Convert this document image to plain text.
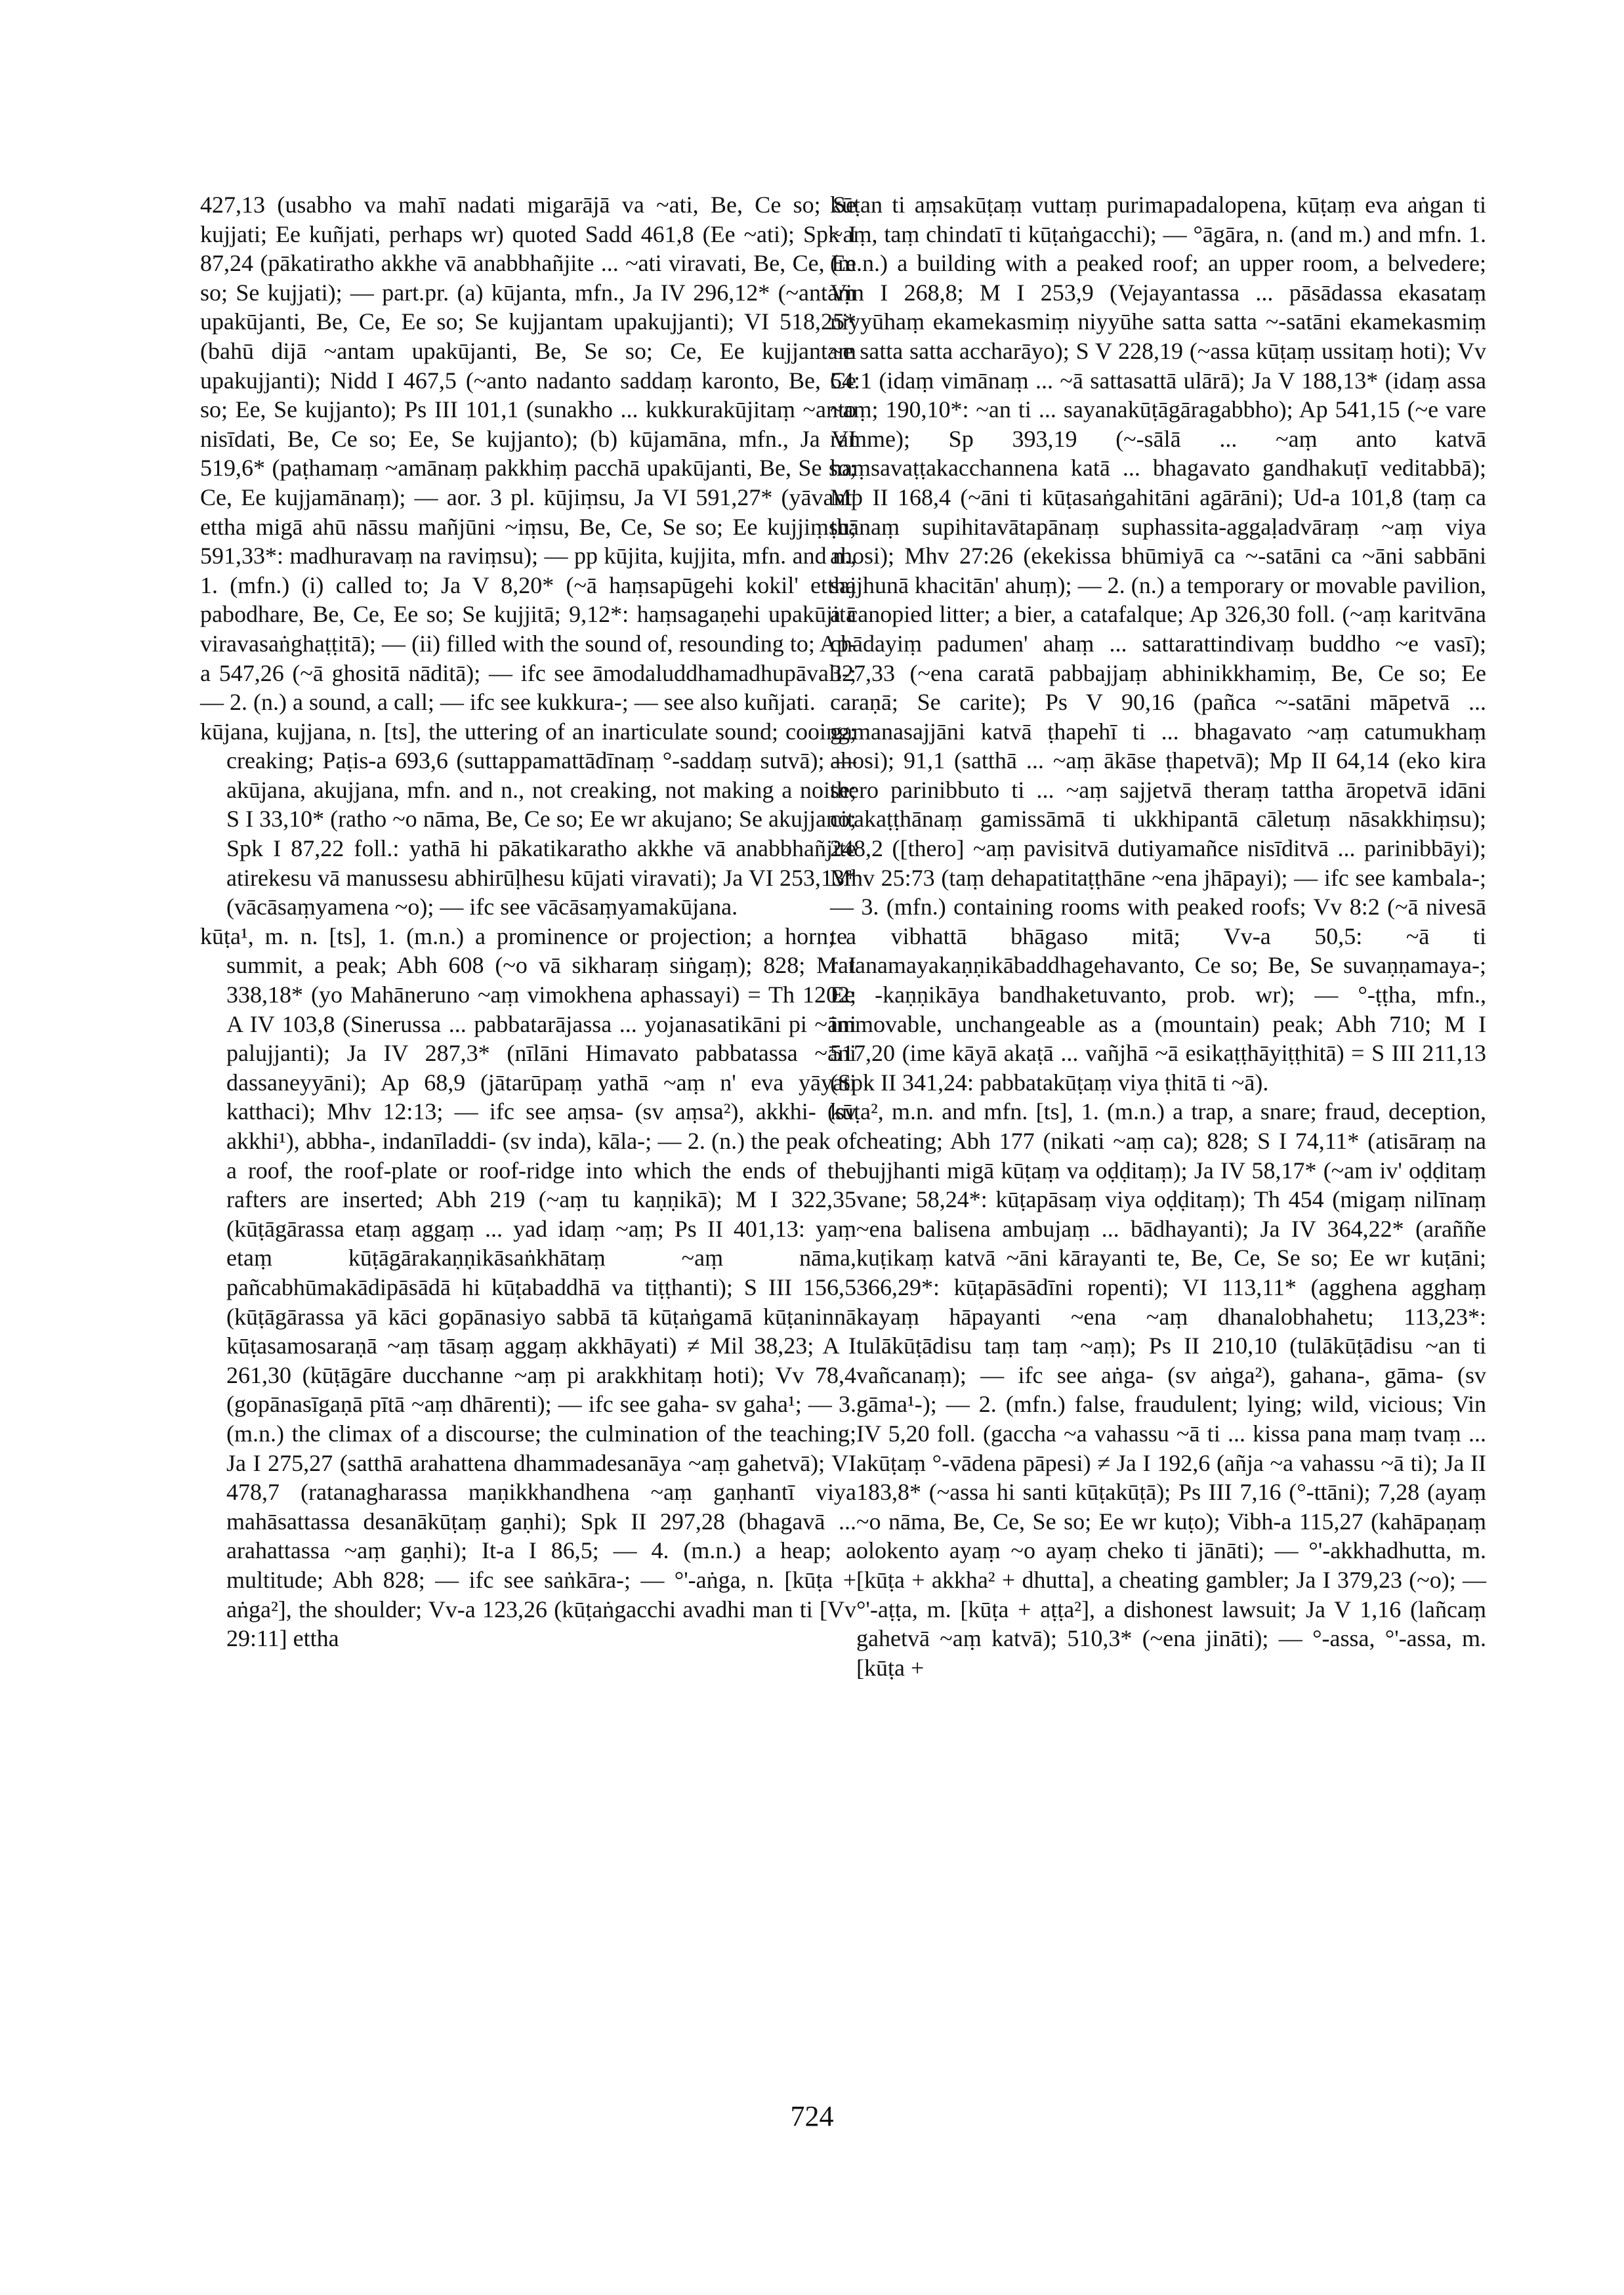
427,13 (usabho va mahī nadati migarājā va ~ati, Be, Ce so; Se kujjati; Ee kuñjati, perhaps wr) quoted Sadd 461,8 (Ee ~ati); Spk I 87,24 (pākatiratho akkhe vā anabbhañjite ... ~ati viravati, Be, Ce, Ee so; Se kujjati); — part.pr. (a) kūjanta, mfn., Ja IV 296,12* (~antaṃ upakūjanti, Be, Ce, Ee so; Se kujjantam upakujjanti); VI 518,25* (bahū dijā ~antam upakūjanti, Be, Se so; Ce, Ee kujjantam upakujjanti); Nidd I 467,5 (~anto nadanto saddaṃ karonto, Be, Ce so; Ee, Se kujjanto); Ps III 101,1 (sunakho ... kukkurakūjitaṃ ~anto nisīdati, Be, Ce so; Ee, Se kujjanto); (b) kūjamāna, mfn., Ja VI 519,6* (paṭhamaṃ ~amānaṃ pakkhiṃ pacchā upakūjanti, Be, Se so; Ce, Ee kujjamānaṃ); — aor. 3 pl. kūjiṃsu, Ja VI 591,27* (yāvant' ettha migā ahū nāssu mañjūni ~iṃsu, Be, Ce, Se so; Ee kujjiṃsu; 591,33*: madhuravaṃ na raviṃsu); — pp kūjita, kujjita, mfn. and n., 1. (mfn.) (i) called to; Ja V 8,20* (~ā haṃsapūgehi kokil' ettha pabodhare, Be, Ce, Ee so; Se kujjitā; 9,12*: haṃsagaṇehi upakūjitā viravasaṅghaṭṭitā); — (ii) filled with the sound of, resounding to; Ap-a 547,26 (~ā ghositā nāditā); — ifc see āmodaluddhamadhupāvali-; — 2. (n.) a sound, a call; — ifc see kukkura-; — see also kuñjati.

kūjana, kujjana, n. [ts], the uttering of an inarticulate sound; cooing; creaking; Paṭis-a 693,6 (suttappamattādīnaṃ °-saddaṃ sutvā); — akūjana, akujjana, mfn. and n., not creaking, not making a noise; S I 33,10* (ratho ~o nāma, Be, Ce so; Ee wr akujano; Se akujjano; Spk I 87,22 foll.: yathā hi pākatikaratho akkhe vā anabbhañjite atirekesu vā manussesu abhirūḷhesu kūjati viravati); Ja VI 253,13* (vācāsaṃyamena ~o); — ifc see vācāsaṃyamakūjana.

kūṭa¹, m. n. [ts], 1. (m.n.) a prominence or projection; a horn; a summit, a peak; Abh 608 (~o vā sikharaṃ siṅgaṃ); 828; M I 338,18* (yo Mahāneruno ~aṃ vimokhena aphassayi) = Th 1202; A IV 103,8 (Sinerussa ... pabbatarājassa ... yojanasatikāni pi ~āni palujjanti); Ja IV 287,3* (nīlāni Himavato pabbatassa ~āni dassaneyyāni); Ap 68,9 (jātarūpaṃ yathā ~aṃ n' eva yāyati katthaci); Mhv 12:13; — ifc see aṃsa- (sv aṃsa²), akkhi- (sv akkhi¹), abbha-, indanīladdi- (sv inda), kāla-; — 2. (n.) the peak of a roof, the roof-plate or roof-ridge into which the ends of the rafters are inserted; Abh 219 (~aṃ tu kaṇṇikā); M I 322,35 (kūṭāgārassa etaṃ aggaṃ ... yad idaṃ ~aṃ; Ps II 401,13: yaṃ etaṃ kūṭāgārakaṇṇikāsaṅkhātaṃ ~aṃ nāma, pañcabhūmakādipāsādā hi kūṭabaddhā va tiṭṭhanti); S III 156,5 (kūṭāgārassa yā kāci gopānasiyo sabbā tā kūṭaṅgamā kūṭaninnā kūṭasamosaraṇā ~aṃ tāsaṃ aggaṃ akkhāyati) ≠ Mil 38,23; A I 261,30 (kūṭāgāre ducchanne ~aṃ pi arakkhitaṃ hoti); Vv 78,4 (gopānasīgaṇā pītā ~aṃ dhārenti); — ifc see gaha- sv gaha¹; — 3. (m.n.) the climax of a discourse; the culmination of the teaching; Ja I 275,27 (satthā arahattena dhammadesanāya ~aṃ gahetvā); VI 478,7 (ratanagharassa maṇikkhandhena ~aṃ gaṇhantī viya mahāsattassa desanākūṭaṃ gaṇhi); Spk II 297,28 (bhagavā ... arahattassa ~aṃ gaṇhi); It-a I 86,5; — 4. (m.n.) a heap; a multitude; Abh 828; — ifc see saṅkāra-; — °'-aṅga, n. [kūṭa + aṅga²], the shoulder; Vv-a 123,26 (kūṭaṅgacchi avadhi man ti [Vv 29:11] ettha

kūṭan ti aṃsakūṭaṃ vuttaṃ purimapadalopena, kūṭaṃ eva aṅgan ti ~aṃ, taṃ chindatī ti kūṭaṅgacchi); — °āgāra, n. (and m.) and mfn. 1. (m.n.) a building with a peaked roof; an upper room, a belvedere; Vin I 268,8; M I 253,9 (Vejayantassa ... pāsādassa ekasataṃ niyyūhaṃ ekamekasmiṃ niyyūhe satta satta ~-satāni ekamekasmiṃ ~e satta satta accharāyo); S V 228,19 (~assa kūṭaṃ ussitaṃ hoti); Vv 54:1 (idaṃ vimānaṃ ... ~ā sattasattā ulārā); Ja V 188,13* (idaṃ assa ~aṃ; 190,10*: ~an ti ... sayanakūṭāgāragabbho); Ap 541,15 (~e vare ramme); Sp 393,19 (~-sālā ... ~aṃ anto katvā haṃsavaṭṭakacchannena katā ... bhagavato gandhakuṭī veditabbā); Mp II 168,4 (~āni ti kūṭasaṅgahitāni agārāni); Ud-a 101,8 (taṃ ca ṭhānaṃ supihitavātapānaṃ suphassita-aggaḷadvāraṃ ~aṃ viya ahosi); Mhv 27:26 (ekekissa bhūmiyā ca ~-satāni ca ~āni sabbāni sajjhunā khacitān' ahuṃ); — 2. (n.) a temporary or movable pavilion, a canopied litter; a bier, a catafalque; Ap 326,30 foll. (~aṃ karitvāna chādayiṃ padumen' ahaṃ ... sattarattindivaṃ buddho ~e vasī); 327,33 (~ena caratā pabbajjaṃ abhinikkhamiṃ, Be, Ce so; Ee caraṇā; Se carite); Ps V 90,16 (pañca ~-satāni māpetvā ... gamanasajjāni katvā ṭhapehī ti ... bhagavato ~aṃ catumukhaṃ ahosi); 91,1 (satthā ... ~aṃ ākāse ṭhapetvā); Mp II 64,14 (eko kira thero parinibbuto ti ... ~aṃ sajjetvā theraṃ tattha āropetvā idāni citakaṭṭhānaṃ gamissāmā ti ukkhipantā cāletuṃ nāsakkhiṃsu); 248,2 ([thero] ~aṃ pavisitvā dutiyamañce nisīditvā ... parinibbāyi); Mhv 25:73 (taṃ dehapatitaṭṭhāne ~ena jhāpayi); — ifc see kambala-; — 3. (mfn.) containing rooms with peaked roofs; Vv 8:2 (~ā nivesā te vibhattā bhāgaso mitā; Vv-a 50,5: ~ā ti ratanamayakaṇṇikābaddhagehavanto, Ce so; Be, Se suvaṇṇamaya-; Ee -kaṇṇikāya bandhaketuvanto, prob. wr); — °-ṭṭha, mfn., immovable, unchangeable as a (mountain) peak; Abh 710; M I 517,20 (ime kāyā akaṭā ... vañjhā ~ā esikaṭṭhāyiṭṭhitā) = S III 211,13 (Spk II 341,24: pabbatakūṭaṃ viya ṭhitā ti ~ā).

kūṭa², m.n. and mfn. [ts], 1. (m.n.) a trap, a snare; fraud, deception, cheating; Abh 177 (nikati ~aṃ ca); 828; S I 74,11* (atisāraṃ na bujjhanti migā kūṭaṃ va oḍḍitaṃ); Ja IV 58,17* (~am iv' oḍḍitaṃ vane; 58,24*: kūṭapāsaṃ viya oḍḍitaṃ); Th 454 (migaṃ nilīnaṃ ~ena balisena ambujaṃ ... bādhayanti); Ja IV 364,22* (araññe kuṭikaṃ katvā ~āni kārayanti te, Be, Ce, Se so; Ee wr kuṭāni; 366,29*: kūṭapāsādīni ropenti); VI 113,11* (agghena agghaṃ kayaṃ hāpayanti ~ena ~aṃ dhanalobhahetu; 113,23*: tulākūṭādisu taṃ taṃ ~aṃ); Ps II 210,10 (tulākūṭādisu ~an ti vañcanaṃ); — ifc see aṅga- (sv aṅga²), gahana-, gāma- (sv gāma¹-); — 2. (mfn.) false, fraudulent; lying; wild, vicious; Vin IV 5,20 foll. (gaccha ~a vahassu ~ā ti ... kissa pana maṃ tvaṃ ... akūṭaṃ °-vādena pāpesi) ≠ Ja I 192,6 (añja ~a vahassu ~ā ti); Ja II 183,8* (~assa hi santi kūṭakūṭā); Ps III 7,16 (°-ttāni); 7,28 (ayaṃ ~o nāma, Be, Ce, Se so; Ee wr kuṭo); Vibh-a 115,27 (kahāpaṇaṃ olokento ayaṃ ~o ayaṃ cheko ti jānāti); — °'-akkhadhutta, m. [kūṭa + akkha² + dhutta], a cheating gambler; Ja I 379,23 (~o); — °'-aṭṭa, m. [kūṭa + aṭṭa²], a dishonest lawsuit; Ja V 1,16 (lañcaṃ gahetvā ~aṃ katvā); 510,3* (~ena jināti); — °-assa, °'-assa, m. [kūṭa +

724
